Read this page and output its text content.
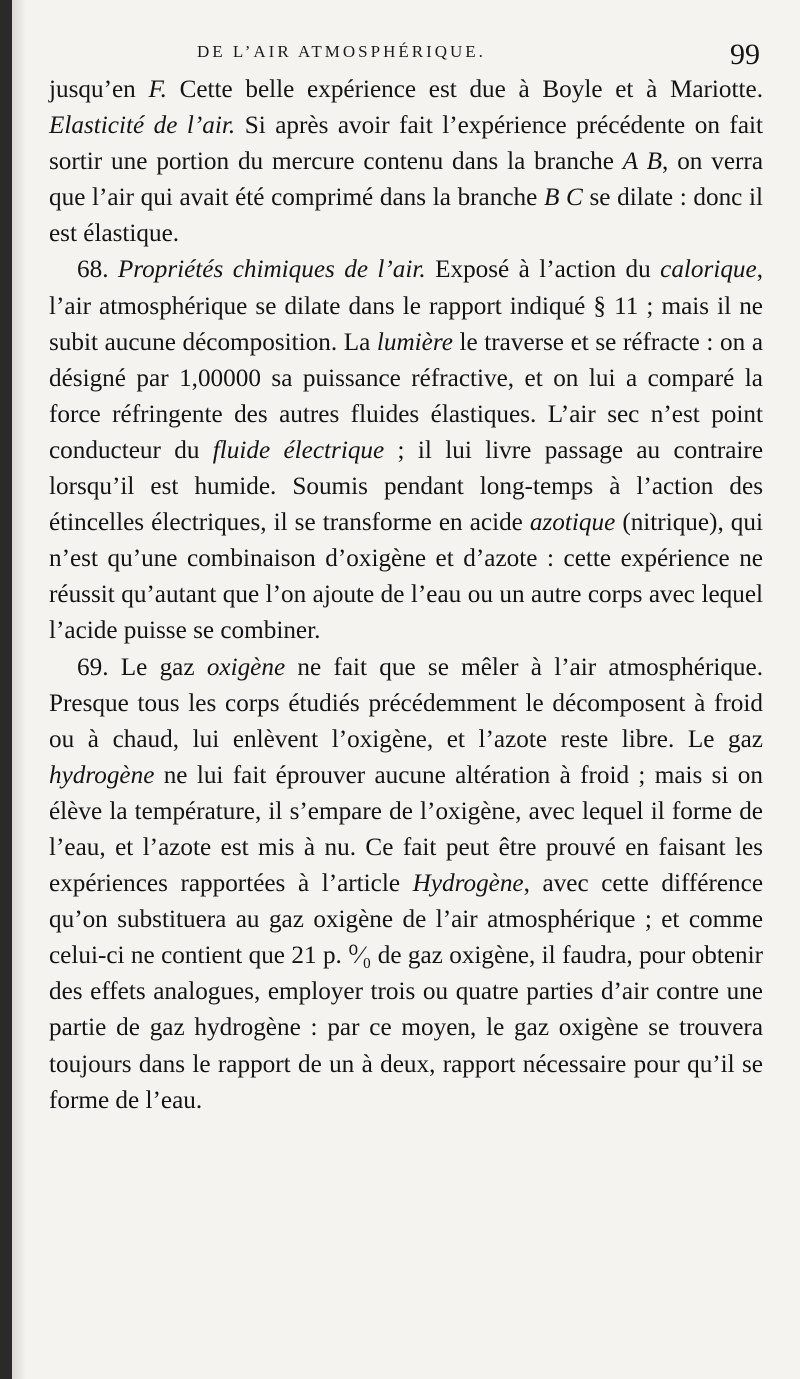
DE L’AIR ATMOSPHÉRIQUE.	99

jusqu’en F. Cette belle expérience est due à Boyle et à Mariotte. Elasticité de l’air. Si après avoir fait l’expérience précédente on fait sortir une portion du mercure contenu dans la branche A B, on verra que l’air qui avait été comprimé dans la branche B C se dilate : donc il est élastique.

68. Propriétés chimiques de l’air. Exposé à l’action du calorique, l’air atmosphérique se dilate dans le rapport indiqué § 11 ; mais il ne subit aucune décomposition. La lumière le traverse et se réfracte : on a désigné par 1,00000 sa puissance réfractive, et on lui a comparé la force réfringente des autres fluides élastiques. L’air sec n’est point conducteur du fluide électrique ; il lui livre passage au contraire lorsqu’il est humide. Soumis pendant long-temps à l’action des étincelles électriques, il se transforme en acide azotique (nitrique), qui n’est qu’une combinaison d’oxigène et d’azote : cette expérience ne réussit qu’autant que l’on ajoute de l’eau ou un autre corps avec lequel l’acide puisse se combiner.

69. Le gaz oxigène ne fait que se mêler à l’air atmosphérique. Presque tous les corps étudiés précédemment le décomposent à froid ou à chaud, lui enlèvent l’oxigène, et l’azote reste libre. Le gaz hydrogène ne lui fait éprouver aucune altération à froid ; mais si on élève la température, il s’empare de l’oxigène, avec lequel il forme de l’eau, et l’azote est mis à nu. Ce fait peut être prouvé en faisant les expériences rapportées à l’article Hydrogène, avec cette différence qu’on substituera au gaz oxigène de l’air atmosphérique ; et comme celui-ci ne contient que 21 p. ⁰⁄₀ de gaz oxigène, il faudra, pour obtenir des effets analogues, employer trois ou quatre parties d’air contre une partie de gaz hydrogène : par ce moyen, le gaz oxigène se trouvera toujours dans le rapport de un à deux, rapport nécessaire pour qu’il se forme de l’eau.
